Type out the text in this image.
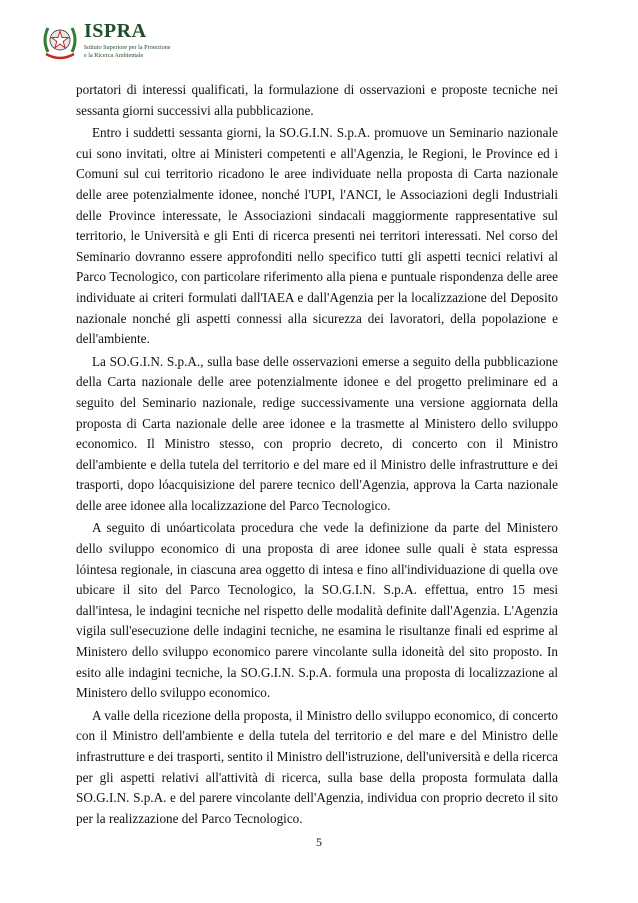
ISPRA
Istituto Superiore per la Protezione
e la Ricerca Ambientale

portatori di interessi qualificati, la formulazione di osservazioni e proposte tecniche nei sessanta giorni successivi alla pubblicazione.

Entro i suddetti sessanta giorni, la SO.G.I.N. S.p.A. promuove un Seminario nazionale cui sono invitati, oltre ai Ministeri competenti e all'Agenzia, le Regioni, le Province ed i Comuni sul cui territorio ricadono le aree individuate nella proposta di Carta nazionale delle aree potenzialmente idonee, nonché l'UPI, l'ANCI, le Associazioni degli Industriali delle Province interessate, le Associazioni sindacali maggiormente rappresentative sul territorio, le Università e gli Enti di ricerca presenti nei territori interessati. Nel corso del Seminario dovranno essere approfonditi nello specifico tutti gli aspetti tecnici relativi al Parco Tecnologico, con particolare riferimento alla piena e puntuale rispondenza delle aree individuate ai criteri formulati dall'IAEA e dall'Agenzia per la localizzazione del Deposito nazionale nonché gli aspetti connessi alla sicurezza dei lavoratori, della popolazione e dell'ambiente.

La SO.G.I.N. S.p.A., sulla base delle osservazioni emerse a seguito della pubblicazione della Carta nazionale delle aree potenzialmente idonee e del progetto preliminare ed a seguito del Seminario nazionale, redige successivamente una versione aggiornata della proposta di Carta nazionale delle aree idonee e la trasmette al Ministero dello sviluppo economico. Il Ministro stesso, con proprio decreto, di concerto con il Ministro dell'ambiente e della tutela del territorio e del mare ed il Ministro delle infrastrutture e dei trasporti, dopo lóacquisizione del parere tecnico dell'Agenzia, approva la Carta nazionale delle aree idonee alla localizzazione del Parco Tecnologico.

A seguito di unóarticolata procedura che vede la definizione da parte del Ministero dello sviluppo economico di una proposta di aree idonee sulle quali è stata espressa lóintesa regionale, in ciascuna area oggetto di intesa e fino all'individuazione di quella ove ubicare il sito del Parco Tecnologico, la SO.G.I.N. S.p.A. effettua, entro 15 mesi dall'intesa, le indagini tecniche nel rispetto delle modalità definite dall'Agenzia. L'Agenzia vigila sull'esecuzione delle indagini tecniche, ne esamina le risultanze finali ed esprime al Ministero dello sviluppo economico parere vincolante sulla idoneità del sito proposto. In esito alle indagini tecniche, la SO.G.I.N. S.p.A. formula una proposta di localizzazione al Ministero dello sviluppo economico.

A valle della ricezione della proposta, il Ministro dello sviluppo economico, di concerto con il Ministro dell'ambiente e della tutela del territorio e del mare e del Ministro delle infrastrutture e dei trasporti, sentito il Ministro dell'istruzione, dell'università e della ricerca per gli aspetti relativi all'attività di ricerca, sulla base della proposta formulata dalla SO.G.I.N. S.p.A. e del parere vincolante dell'Agenzia, individua con proprio decreto il sito per la realizzazione del Parco Tecnologico.

5
